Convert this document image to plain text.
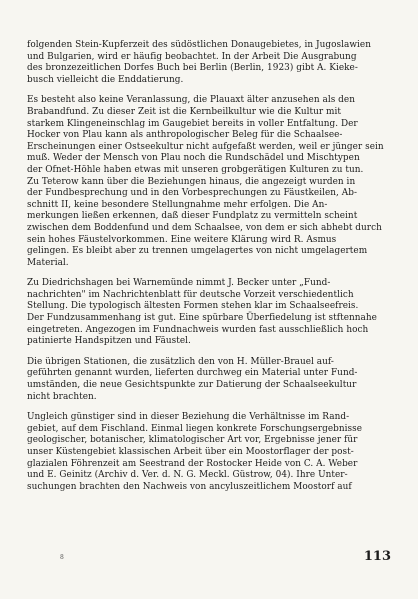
folgenden Stein-Kupferzeit des südöstlichen Donaugebietes, in Jugoslawien
und Bulgarien, wird er häufig beobachtet. In der Arbeit Die Ausgrabung
des bronzezeitlichen Dorfes Buch bei Berlin (Berlin, 1923) gibt A. Kiekе-
busch vielleicht die Enddatierung.

Es besteht also keine Veranlassung, die Plauaxt älter anzusehen als den
Brabandfund. Zu dieser Zeit ist die Kernbeilkultur wie die Kultur mit
starkem Klingeneinschlag im Gaugebiet bereits in voller Entfaltung. Der
Hocker von Plau kann als anthropologischer Beleg für die Schaalsee-
Erscheinungen einer Ostseekultur nicht aufgefaßt werden, weil er jünger sein
muß. Weder der Mensch von Plau noch die Rundschädel und Mischtypen
der Ofnet-Höhle haben etwas mit unseren grobgerätigen Kulturen zu tun.
Zu Teterow kann über die Beziehungen hinaus, die angezeigt wurden in
der Fundbesprechung und in den Vorbesprechungen zu Fäustkeilen, Ab-
schnitt II, keine besondere Stellungnahme mehr erfolgen. Die An-
merkungen ließen erkennen, daß dieser Fundplatz zu vermitteln scheint
zwischen dem Boddenfund und dem Schaalsee, von dem er sich abhebt durch
sein hohes Fäustelvorkommen. Eine weitere Klärung wird R. Asmus
gelingen. Es bleibt aber zu trennen umgelagertes von nicht umgelagertem
Material.

Zu Diedrichshagen bei Warnemünde nimmt J. Becker unter „Fund-
nachrichten" im Nachrichtenblatt für deutsche Vorzeit verschiedentlich
Stellung. Die typologisch ältesten Formen stehen klar im Schaalseefreis.
Der Fundzusammenhang ist gut. Eine spürbare Überfiedelung ist stftennahe
eingetreten. Angezogen im Fundnachweis wurden fast ausschließlich hoch
patinierte Handspitzen und Fäustel.

Die übrigen Stationen, die zusätzlich den von H. Müller-Brauel auf-
geführten genannt wurden, lieferten durchweg ein Material unter Fund-
umständen, die neue Gesichtspunkte zur Datierung der Schaalseekultur
nicht brachten.

Ungleich günstiger sind in dieser Beziehung die Verhältnisse im Rand-
gebiet, auf dem Fischland. Einmal liegen konkrete Forschungsergebnisse
geologischer, botanischer, klimatologischer Art vor, Ergebnisse jener für
unser Küstengebiet klassischen Arbeit über ein Moostorflager der post-
glazialen Föhrenzeit am Seestrand der Rostocker Heide von C. A. Weber
und E. Geinitz (Archiv d. Ver. d. N. G. Meckl. Güstrow, 04). Ihre Unter-
suchungen brachten den Nachweis von ancyluszeitlichem Moostorf auf

8	113
